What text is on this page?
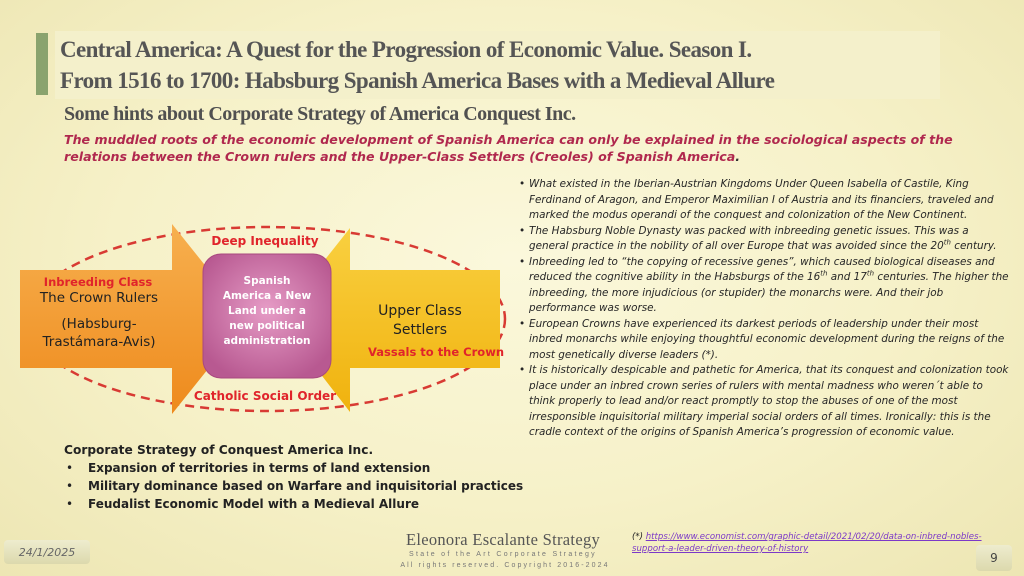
Central America: A Quest for the Progression of Economic Value. Season I.
From 1516 to 1700: Habsburg Spanish America Bases with a Medieval Allure
Some hints about Corporate Strategy of America Conquest Inc.
The muddled roots of the economic development of Spanish America can only be explained in the sociological aspects of the relations between the Crown rulers and the Upper-Class Settlers (Creoles) of Spanish America.
Deep Inequality
Catholic Social Order
Inbreeding Class
The Crown Rulers
(Habsburg-
Trastámara-Avis)
Spanish
America a New
Land under a
new political
administration
Upper Class
Settlers
Vassals to the Crown
• What existed in the Iberian-Austrian Kingdoms Under Queen Isabella of Castile, King Ferdinand of Aragon, and Emperor Maximilian I of Austria and its financiers, traveled and marked the modus operandi of the conquest and colonization of the New Continent.
• The Habsburg Noble Dynasty was packed with inbreeding genetic issues. This was a general practice in the nobility of all over Europe that was avoided since the 20th century.
• Inbreeding led to “the copying of recessive genes”, which caused biological diseases and reduced the cognitive ability in the Habsburgs of the 16th and 17th centuries. The higher the inbreeding, the more injudicious (or stupider) the monarchs were. And their job performance was worse.
• European Crowns have experienced its darkest periods of leadership under their most inbred monarchs while enjoying thoughtful economic development during the reigns of the most genetically diverse leaders (*).
• It is historically despicable and pathetic for America, that its conquest and colonization took place under an inbred crown series of rulers with mental madness who weren´t able to think properly to lead and/or react promptly to stop the abuses of one of the most irresponsible inquisitorial military imperial social orders of all times. Ironically: this is the cradle context of the origins of Spanish America’s progression of economic value.
Corporate Strategy of Conquest America Inc.
• Expansion of territories in terms of land extension
• Military dominance based on Warfare and inquisitorial practices
• Feudalist Economic Model with a Medieval Allure
24/1/2025
Eleonora Escalante Strategy
State of the Art Corporate Strategy
All rights reserved. Copyright 2016-2024
(*) https://www.economist.com/graphic-detail/2021/02/20/data-on-inbred-nobles-support-a-leader-driven-theory-of-history
9
